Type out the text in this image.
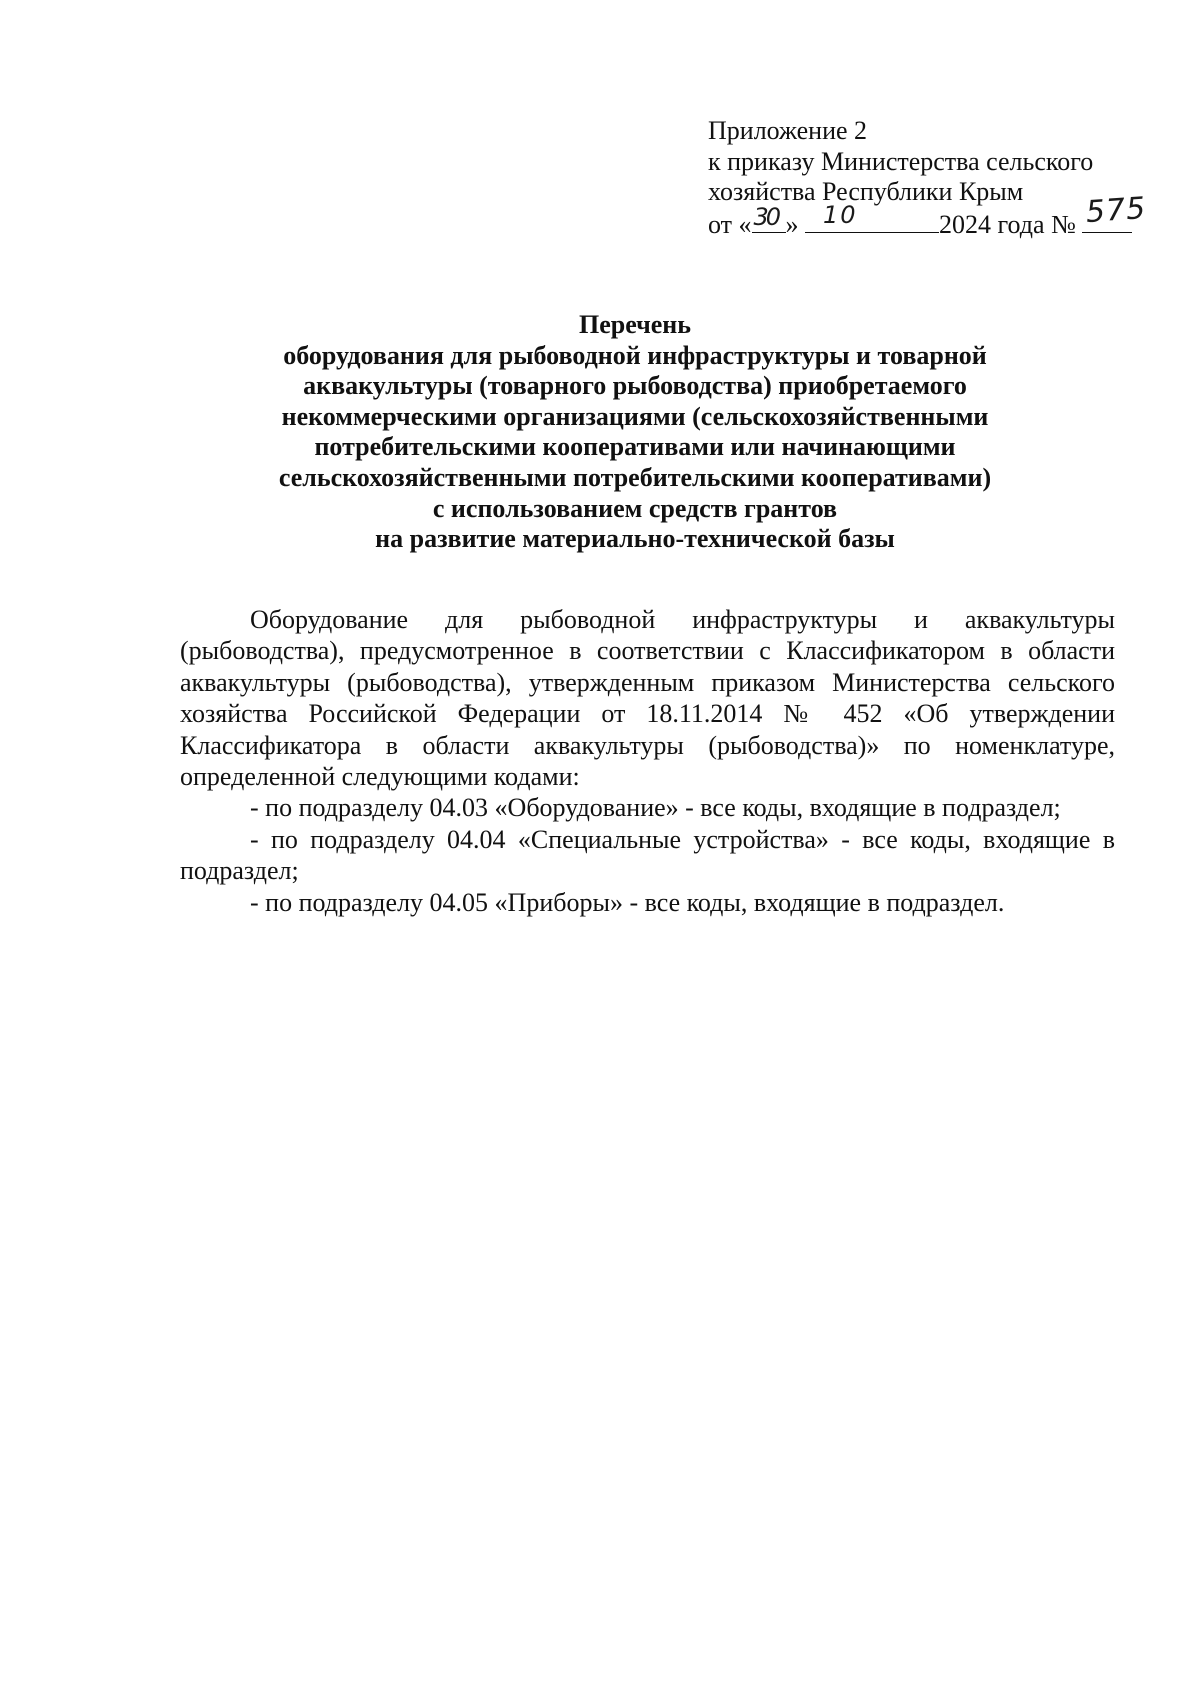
Приложение 2
к приказу Министерства сельского
хозяйства Республики Крым
от « 30 » 10	2024 года № 575
Перечень
оборудования для рыбоводной инфраструктуры и товарной
аквакультуры (товарного рыбоводства) приобретаемого
некоммерческими организациями (сельскохозяйственными
потребительскими кооперативами или начинающими
сельскохозяйственными потребительскими кооперативами)
с использованием средств грантов
на развитие материально-технической базы

Оборудование для рыбоводной инфраструктуры и аквакультуры (рыбоводства), предусмотренное в соответствии с Классификатором в области аквакультуры (рыбоводства), утвержденным приказом Министерства сельского хозяйства Российской Федерации от 18.11.2014 № 452 «Об утверждении Классификатора в области аквакультуры (рыбоводства)» по номенклатуре, определенной следующими кодами:

- по подразделу 04.03 «Оборудование» - все коды, входящие в подраздел;

- по подразделу 04.04 «Специальные устройства» - все коды, входящие в подраздел;

- по подразделу 04.05 «Приборы» - все коды, входящие в подраздел.
